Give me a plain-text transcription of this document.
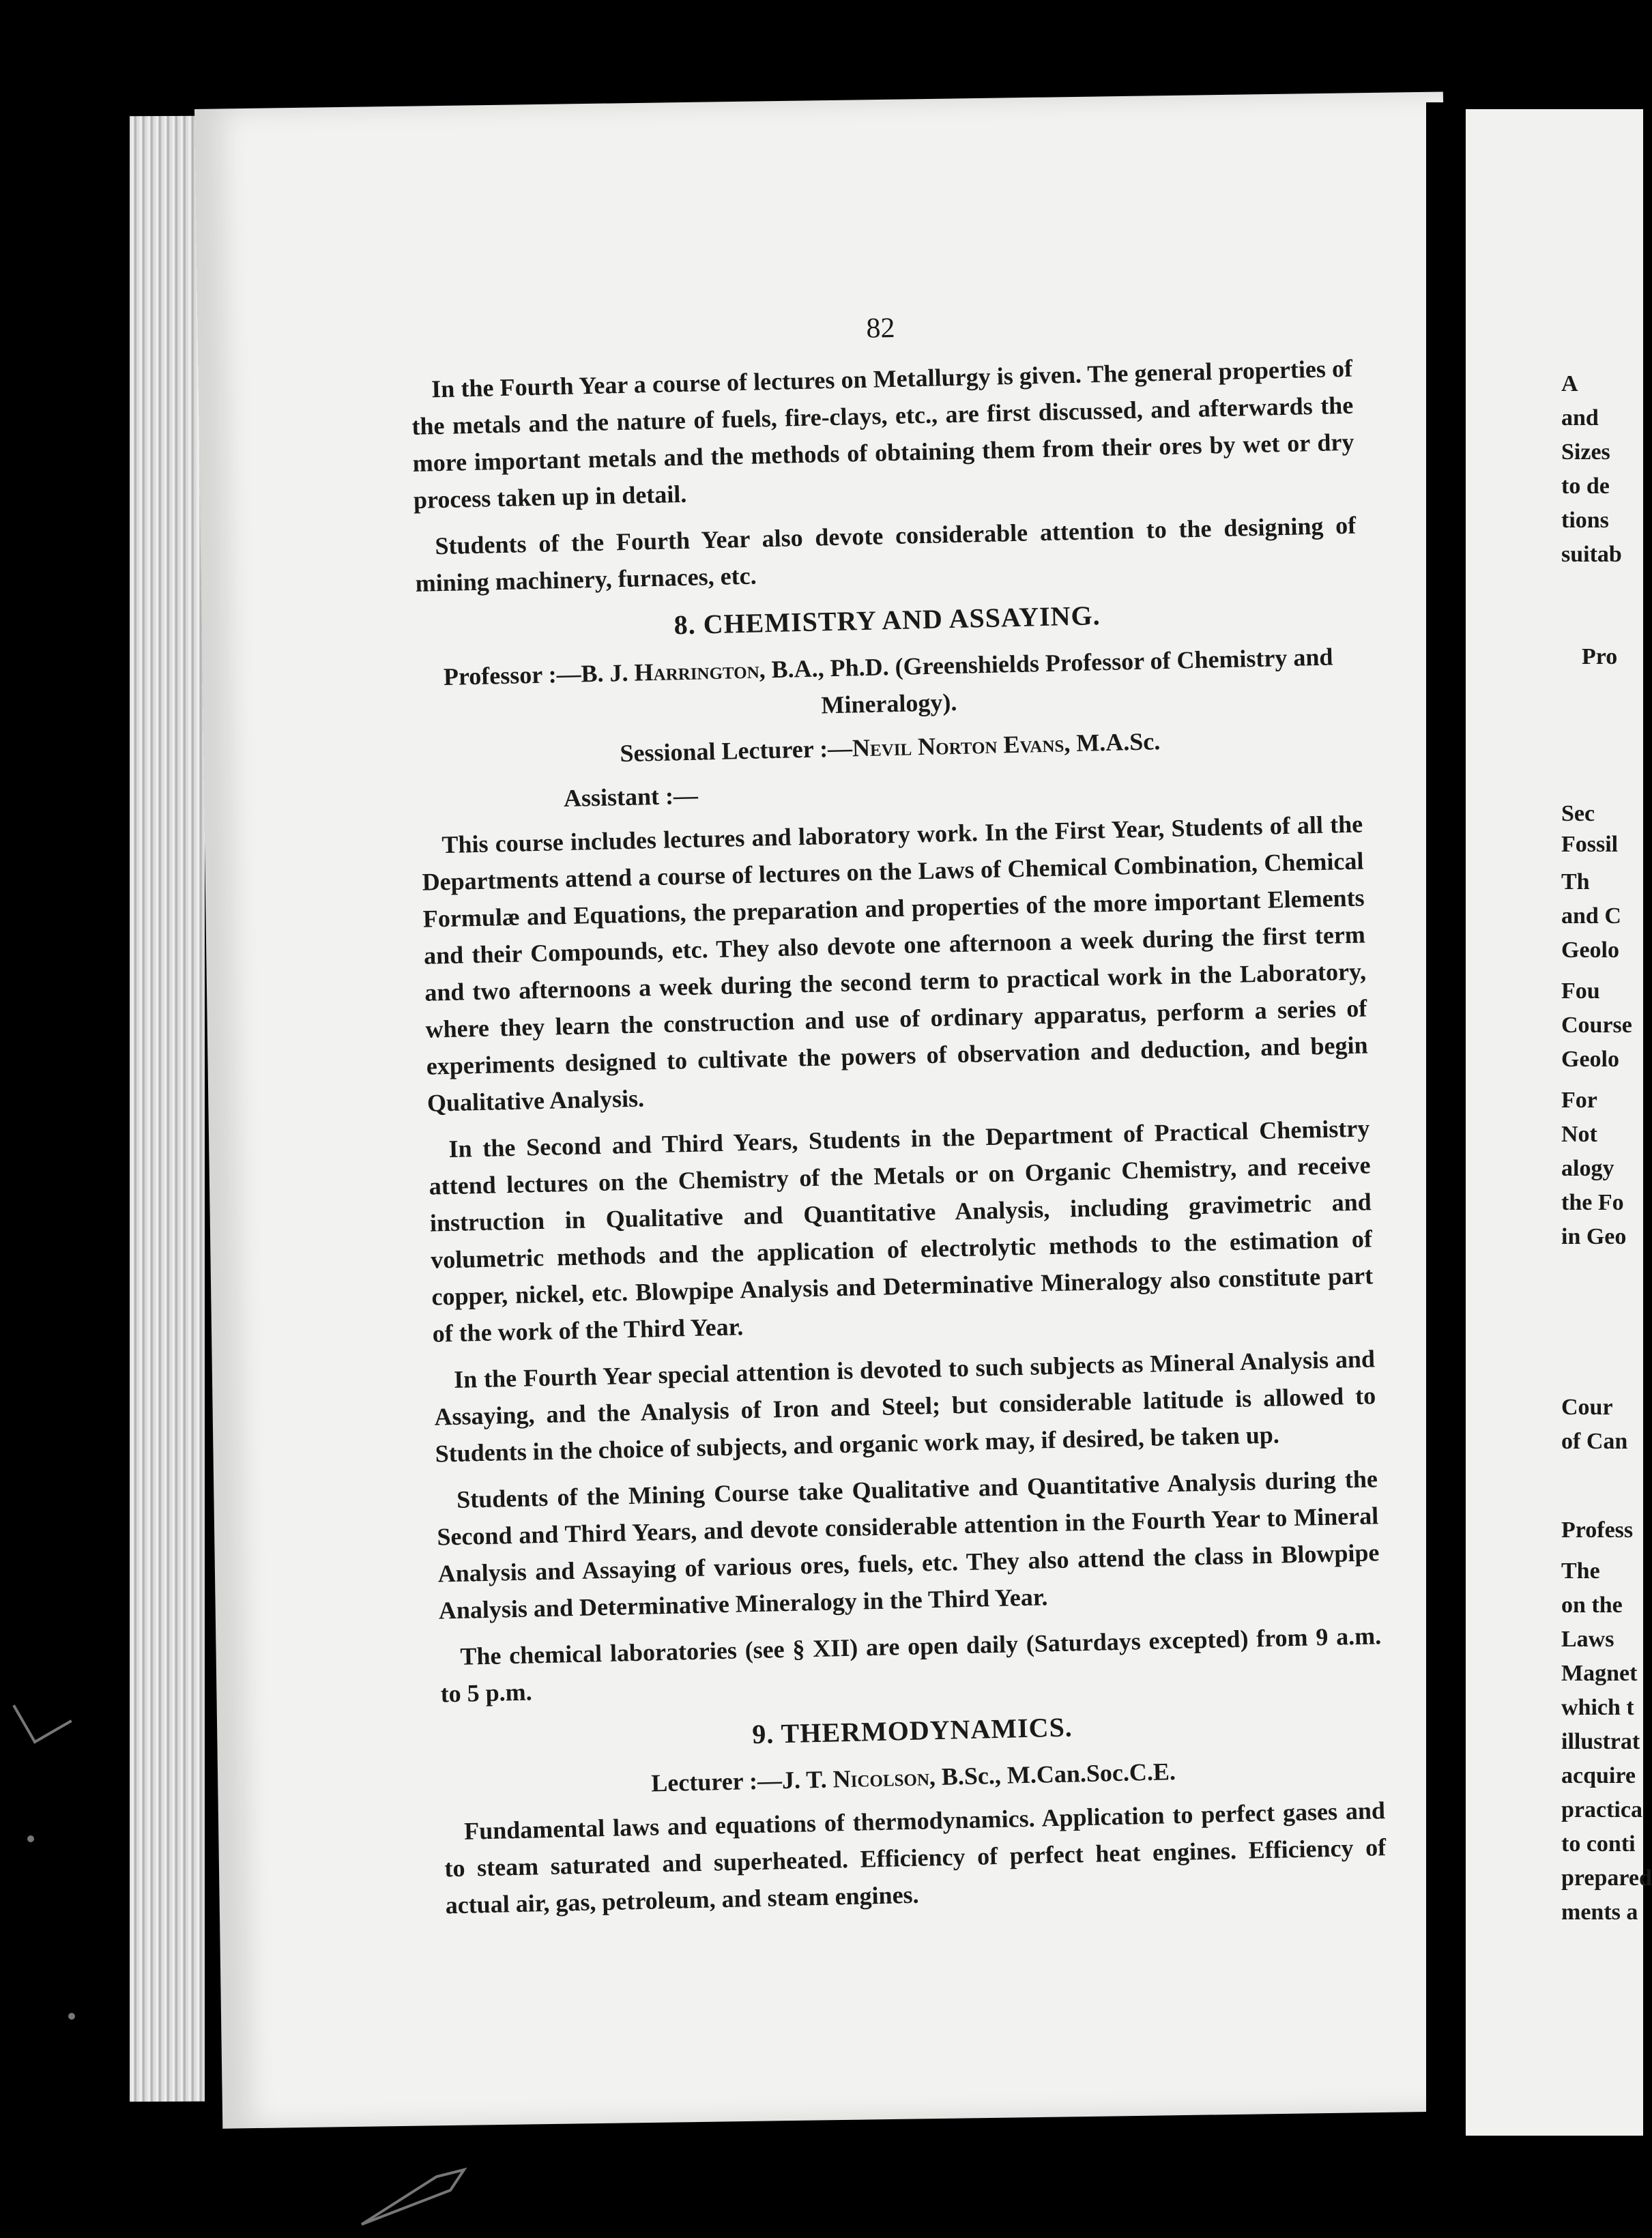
A
and
Sizes
to de
tions
suitab
Pro
Sec
Fossil
Th
and C
Geolo
Fou
Course
Geolo
For
Not
alogy
the Fo
in Geo
Cour
of Can
Profess
The
on the
Laws
Magnet
which t
illustrat
acquire
practica
to conti
prepared
ments a
82

In the Fourth Year a course of lectures on Metallurgy is given. The general properties of the metals and the nature of fuels, fire-clays, etc., are first discussed, and afterwards the more important metals and the methods of obtaining them from their ores by wet or dry process taken up in detail.

Students of the Fourth Year also devote considerable attention to the designing of mining machinery, furnaces, etc.

8. CHEMISTRY AND ASSAYING.
Professor :—B. J. Harrington, B.A., Ph.D. (Greenshields Professor of Chemistry and Mineralogy).
Sessional Lecturer :—Nevil Norton Evans, M.A.Sc.
Assistant :—

This course includes lectures and laboratory work. In the First Year, Students of all the Departments attend a course of lectures on the Laws of Chemical Combination, Chemical Formulæ and Equations, the preparation and properties of the more important Elements and their Compounds, etc. They also devote one afternoon a week during the first term and two afternoons a week during the second term to practical work in the Laboratory, where they learn the construction and use of ordinary apparatus, perform a series of experiments designed to cultivate the powers of observation and deduction, and begin Qualitative Analysis.

In the Second and Third Years, Students in the Department of Practical Chemistry attend lectures on the Chemistry of the Metals or on Organic Chemistry, and receive instruction in Qualitative and Quantitative Analysis, including gravimetric and volumetric methods and the application of electrolytic methods to the estimation of copper, nickel, etc. Blowpipe Analysis and Determinative Mineralogy also constitute part of the work of the Third Year.

In the Fourth Year special attention is devoted to such subjects as Mineral Analysis and Assaying, and the Analysis of Iron and Steel; but considerable latitude is allowed to Students in the choice of subjects, and organic work may, if desired, be taken up.

Students of the Mining Course take Qualitative and Quantitative Analysis during the Second and Third Years, and devote considerable attention in the Fourth Year to Mineral Analysis and Assaying of various ores, fuels, etc. They also attend the class in Blowpipe Analysis and Determinative Mineralogy in the Third Year.

The chemical laboratories (see § XII) are open daily (Saturdays excepted) from 9 a.m. to 5 p.m.

9. THERMODYNAMICS.
Lecturer :—J. T. Nicolson, B.Sc., M.Can.Soc.C.E.

Fundamental laws and equations of thermodynamics. Application to perfect gases and to steam saturated and superheated. Efficiency of perfect heat engines. Efficiency of actual air, gas, petroleum, and steam engines.
